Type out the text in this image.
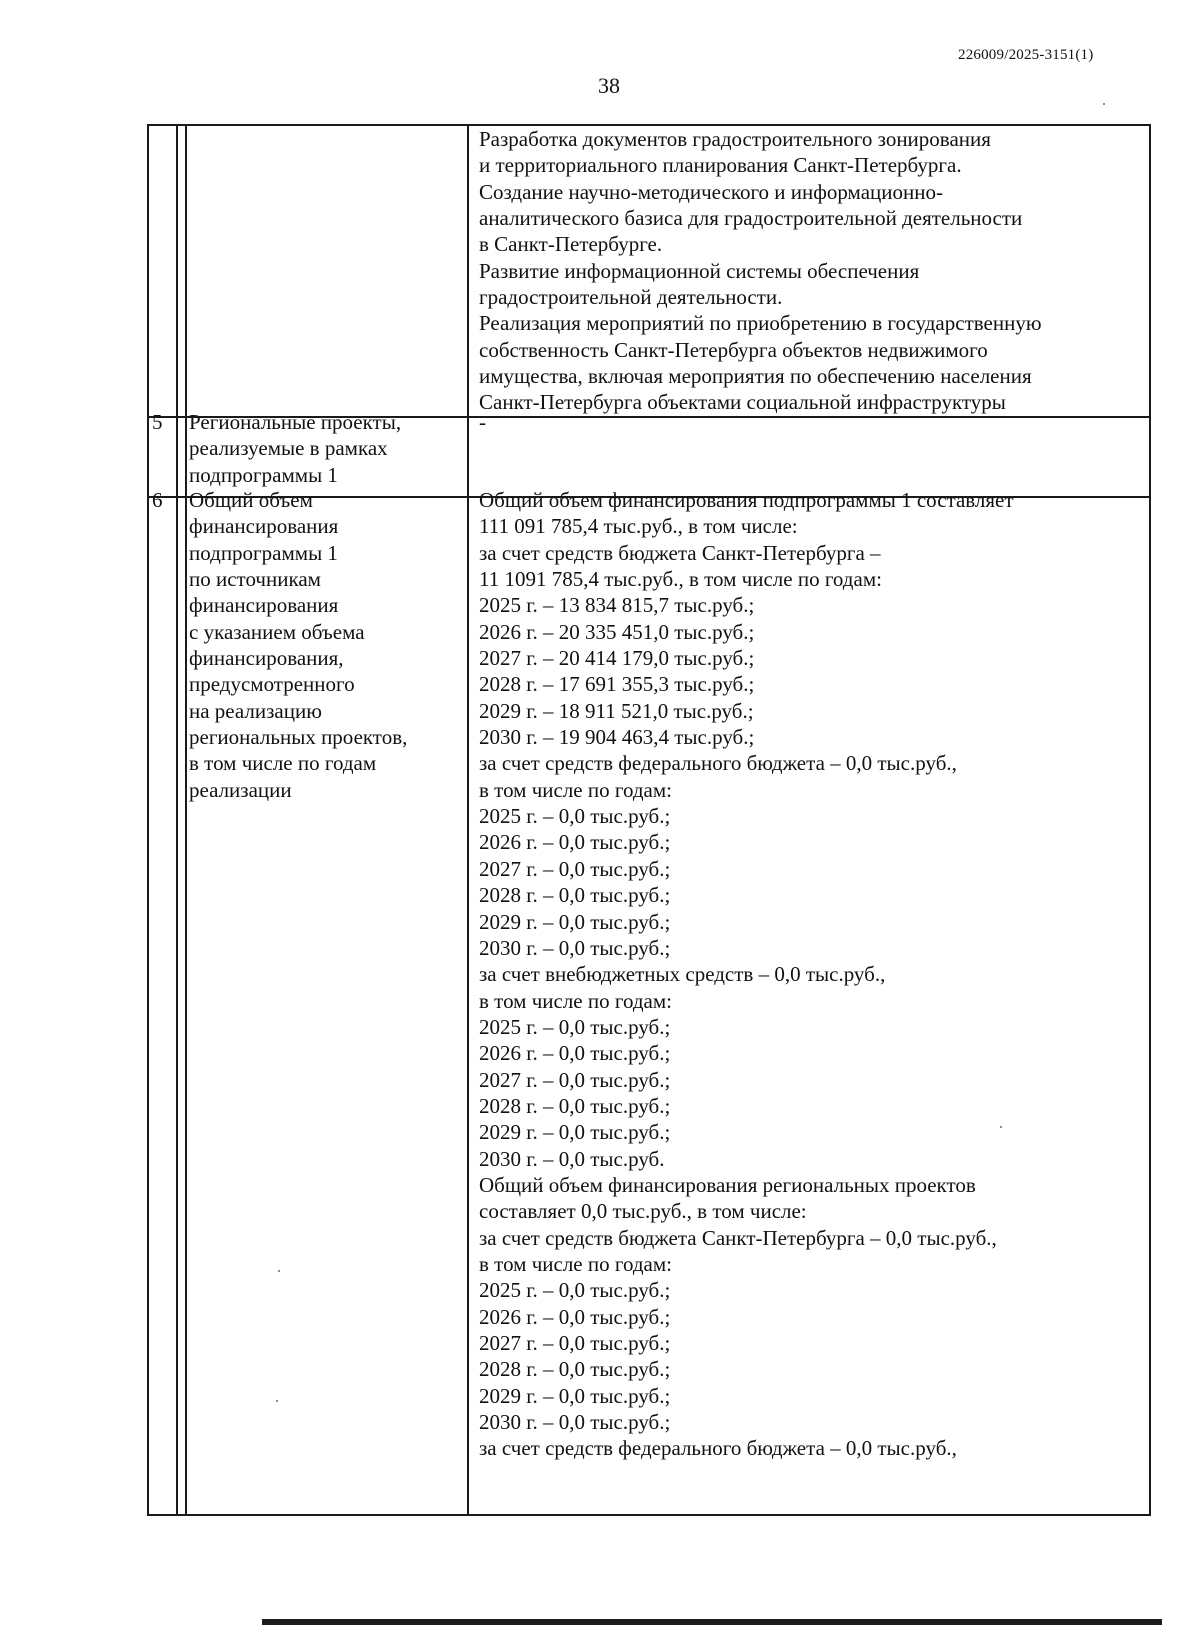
226009/2025-3151(1)
38
Разработка документов градостроительного зонирования
и территориального планирования Санкт-Петербурга.
Создание научно-методического и информационно-
аналитического базиса для градостроительной деятельности
в Санкт-Петербурге.
Развитие информационной системы обеспечения
градостроительной деятельности.
Реализация мероприятий по приобретению в государственную
собственность Санкт-Петербурга объектов недвижимого
имущества, включая мероприятия по обеспечению населения
Санкт-Петербурга объектами социальной инфраструктуры
5 Региональные проекты,
реализуемые в рамках
подпрограммы 1
-
6 Общий объем
финансирования
подпрограммы 1
по источникам
финансирования
с указанием объема
финансирования,
предусмотренного
на реализацию
региональных проектов,
в том числе по годам
реализации
Общий объем финансирования подпрограммы 1 составляет
111 091 785,4 тыс.руб., в том числе:
за счет средств бюджета Санкт-Петербурга –
11 1091 785,4 тыс.руб., в том числе по годам:
2025 г. – 13 834 815,7 тыс.руб.;
2026 г. – 20 335 451,0 тыс.руб.;
2027 г. – 20 414 179,0 тыс.руб.;
2028 г. – 17 691 355,3 тыс.руб.;
2029 г. – 18 911 521,0 тыс.руб.;
2030 г. – 19 904 463,4 тыс.руб.;
за счет средств федерального бюджета – 0,0 тыс.руб.,
в том числе по годам:
2025 г. – 0,0 тыс.руб.;
2026 г. – 0,0 тыс.руб.;
2027 г. – 0,0 тыс.руб.;
2028 г. – 0,0 тыс.руб.;
2029 г. – 0,0 тыс.руб.;
2030 г. – 0,0 тыс.руб.;
за счет внебюджетных средств – 0,0 тыс.руб.,
в том числе по годам:
2025 г. – 0,0 тыс.руб.;
2026 г. – 0,0 тыс.руб.;
2027 г. – 0,0 тыс.руб.;
2028 г. – 0,0 тыс.руб.;
2029 г. – 0,0 тыс.руб.;
2030 г. – 0,0 тыс.руб.
Общий объем финансирования региональных проектов
составляет 0,0 тыс.руб., в том числе:
за счет средств бюджета Санкт-Петербурга – 0,0 тыс.руб.,
в том числе по годам:
2025 г. – 0,0 тыс.руб.;
2026 г. – 0,0 тыс.руб.;
2027 г. – 0,0 тыс.руб.;
2028 г. – 0,0 тыс.руб.;
2029 г. – 0,0 тыс.руб.;
2030 г. – 0,0 тыс.руб.;
за счет средств федерального бюджета – 0,0 тыс.руб.,
